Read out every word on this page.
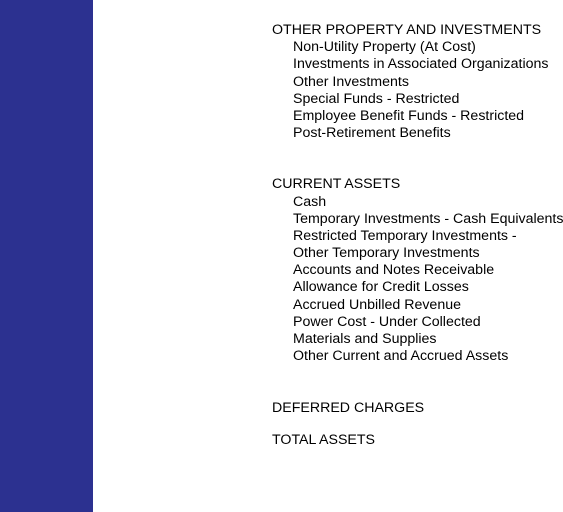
OTHER PROPERTY AND INVESTMENTS
Non-Utility Property (At Cost)
Investments in Associated Organizations
Other Investments
Special Funds - Restricted
Employee Benefit Funds - Restricted
Post-Retirement Benefits
CURRENT ASSETS
Cash
Temporary Investments - Cash Equivalents
Restricted Temporary Investments -
Other Temporary Investments
Accounts and Notes Receivable
Allowance for Credit Losses
Accrued Unbilled Revenue
Power Cost - Under Collected
Materials and Supplies
Other Current and Accrued Assets
DEFERRED CHARGES
TOTAL ASSETS
